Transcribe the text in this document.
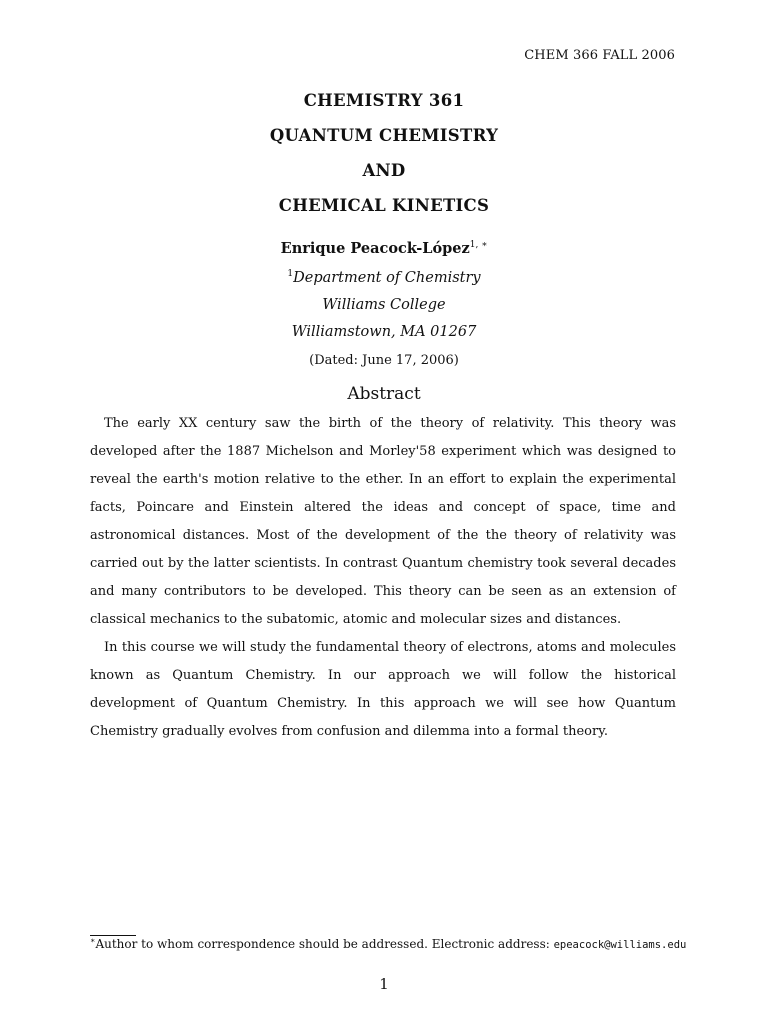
CHEM 366 FALL 2006
CHEMISTRY 361
QUANTUM CHEMISTRY
AND
CHEMICAL KINETICS
Enrique Peacock-López$^{1, ∗}$
$^1$Department of Chemistry
Williams College
Williamstown, MA 01267
(Dated: June 17, 2006)
Abstract

The early XX century saw the birth of the theory of relativity. This theory was developed after the 1887 Michelson and Morley'58 experiment which was designed to reveal the earth's motion relative to the ether. In an effort to explain the experimental facts, Poincare and Einstein altered the ideas and concept of space, time and astronomical distances. Most of the development of the the theory of relativity was carried out by the latter scientists. In contrast Quantum chemistry took several decades and many contributors to be developed. This theory can be seen as an extension of classical mechanics to the subatomic, atomic and molecular sizes and distances.

In this course we will study the fundamental theory of electrons, atoms and molecules known as Quantum Chemistry. In our approach we will follow the historical development of Quantum Chemistry. In this approach we will see how Quantum Chemistry gradually evolves from confusion and dilemma into a formal theory.

∗Author to whom correspondence should be addressed. Electronic address: epeacock@williams.edu
1
